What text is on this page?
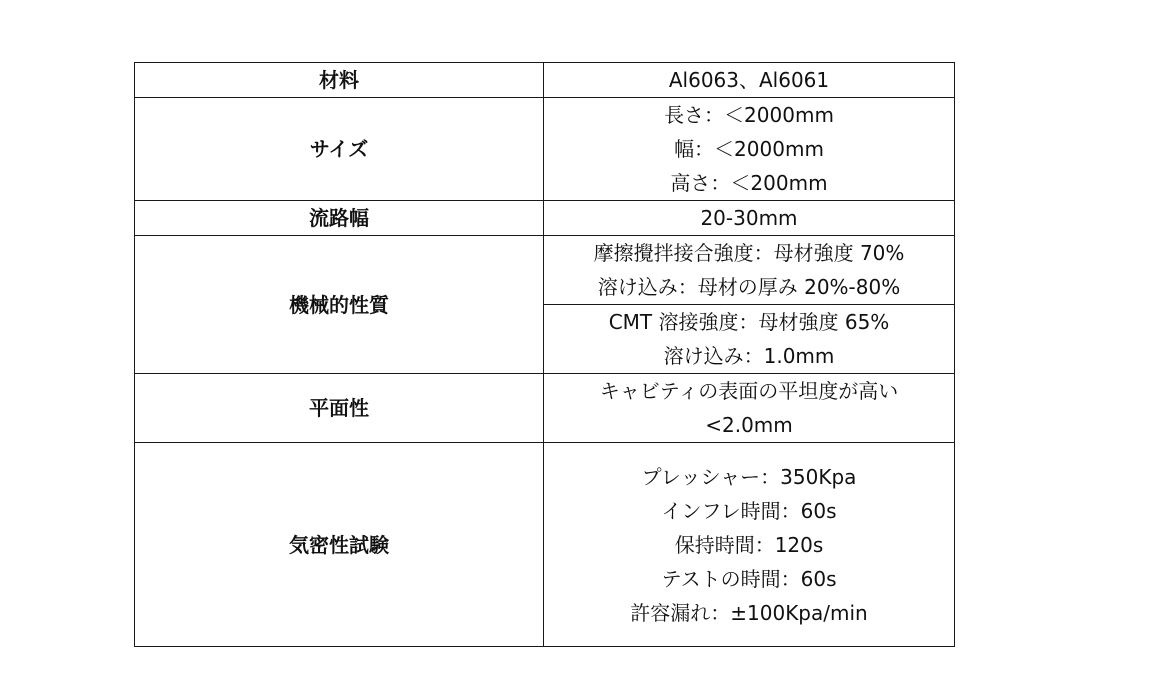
材料	Al6063、Al6061

サイズ	長さ：＜2000mm
幅：＜2000mm
高さ：＜200mm

流路幅	20-30mm

機械的性質	摩擦攪拌接合強度：母材強度 70%
溶け込み：母材の厚み 20%-80%

	CMT 溶接強度：母材強度 65%
溶け込み：1.0mm

平面性	キャビティの表面の平坦度が高い
<2.0mm

気密性試験	プレッシャー：350Kpa
インフレ時間：60s
保持時間：120s
テストの時間：60s
許容漏れ：±100Kpa/min
